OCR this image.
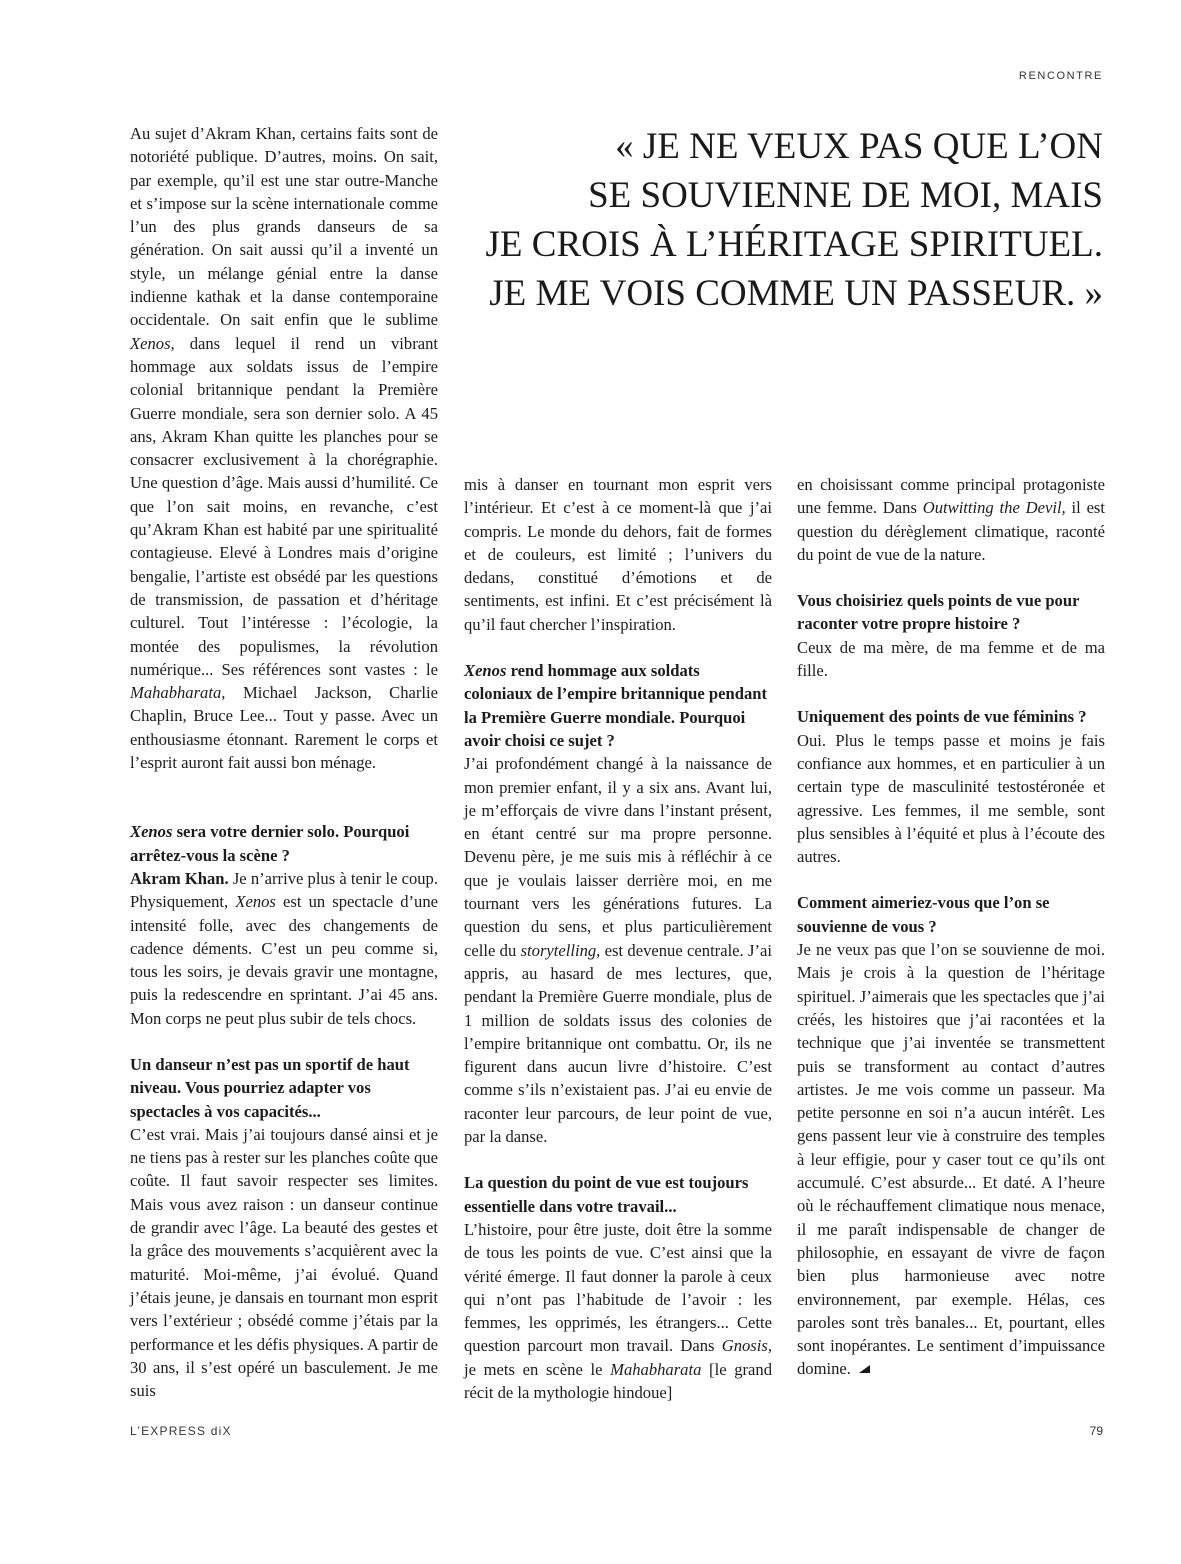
RENCONTRE
« JE NE VEUX PAS QUE L’ON
SE SOUVIENNE DE MOI, MAIS
JE CROIS À L’HÉRITAGE SPIRITUEL.
JE ME VOIS COMME UN PASSEUR. »

Au sujet d’Akram Khan, certains faits sont de notoriété publique. D’autres, moins. On sait, par exemple, qu’il est une star outre-Manche et s’impose sur la scène internationale comme l’un des plus grands danseurs de sa génération. On sait aussi qu’il a inventé un style, un mélange génial entre la danse indienne kathak et la danse contemporaine occidentale. On sait enfin que le sublime Xenos, dans lequel il rend un vibrant hommage aux soldats issus de l’empire colonial britannique pendant la Première Guerre mondiale, sera son dernier solo. A 45 ans, Akram Khan quitte les planches pour se consacrer exclusivement à la chorégraphie. Une question d’âge. Mais aussi d’humilité. Ce que l’on sait moins, en revanche, c’est qu’Akram Khan est habité par une spiritualité contagieuse. Elevé à Londres mais d’origine bengalie, l’artiste est obsédé par les questions de transmission, de passation et d’héritage culturel. Tout l’intéresse : l’écologie, la montée des populismes, la révolution numérique... Ses références sont vastes : le Mahabharata, Michael Jackson, Charlie Chaplin, Bruce Lee... Tout y passe. Avec un enthousiasme étonnant. Rarement le corps et l’esprit auront fait aussi bon ménage.

Xenos sera votre dernier solo. Pourquoi arrêtez-vous la scène ?

Akram Khan. Je n’arrive plus à tenir le coup. Physiquement, Xenos est un spectacle d’une intensité folle, avec des changements de cadence déments. C’est un peu comme si, tous les soirs, je devais gravir une montagne, puis la redescendre en sprintant. J’ai 45 ans. Mon corps ne peut plus subir de tels chocs.

Un danseur n’est pas un sportif de haut niveau. Vous pourriez adapter vos spectacles à vos capacités...

C’est vrai. Mais j’ai toujours dansé ainsi et je ne tiens pas à rester sur les planches coûte que coûte. Il faut savoir respecter ses limites. Mais vous avez raison : un danseur continue de grandir avec l’âge. La beauté des gestes et la grâce des mouvements s’acquièrent avec la maturité. Moi-même, j’ai évolué. Quand j’étais jeune, je dansais en tournant mon esprit vers l’extérieur ; obsédé comme j’étais par la performance et les défis physiques. A partir de 30 ans, il s’est opéré un basculement. Je me suis

mis à danser en tournant mon esprit vers l’intérieur. Et c’est à ce moment-là que j’ai compris. Le monde du dehors, fait de formes et de couleurs, est limité ; l’univers du dedans, constitué d’émotions et de sentiments, est infini. Et c’est précisément là qu’il faut chercher l’inspiration.

Xenos rend hommage aux soldats coloniaux de l’empire britannique pendant la Première Guerre mondiale. Pourquoi avoir choisi ce sujet ?

J’ai profondément changé à la naissance de mon premier enfant, il y a six ans. Avant lui, je m’efforçais de vivre dans l’instant présent, en étant centré sur ma propre personne. Devenu père, je me suis mis à réfléchir à ce que je voulais laisser derrière moi, en me tournant vers les générations futures. La question du sens, et plus particulièrement celle du storytelling, est devenue centrale. J’ai appris, au hasard de mes lectures, que, pendant la Première Guerre mondiale, plus de 1 million de soldats issus des colonies de l’empire britannique ont combattu. Or, ils ne figurent dans aucun livre d’histoire. C’est comme s’ils n’existaient pas. J’ai eu envie de raconter leur parcours, de leur point de vue, par la danse.

La question du point de vue est toujours essentielle dans votre travail...

L’histoire, pour être juste, doit être la somme de tous les points de vue. C’est ainsi que la vérité émerge. Il faut donner la parole à ceux qui n’ont pas l’habitude de l’avoir : les femmes, les opprimés, les étrangers... Cette question parcourt mon travail. Dans Gnosis, je mets en scène le Mahabharata [le grand récit de la mythologie hindoue]

en choisissant comme principal protagoniste une femme. Dans Outwitting the Devil, il est question du dérèglement climatique, raconté du point de vue de la nature.

Vous choisiriez quels points de vue pour raconter votre propre histoire ?

Ceux de ma mère, de ma femme et de ma fille.

Uniquement des points de vue féminins ?

Oui. Plus le temps passe et moins je fais confiance aux hommes, et en particulier à un certain type de masculinité testostéronée et agressive. Les femmes, il me semble, sont plus sensibles à l’équité et plus à l’écoute des autres.

Comment aimeriez-vous que l’on se souvienne de vous ?

Je ne veux pas que l’on se souvienne de moi. Mais je crois à la question de l’héritage spirituel. J’aimerais que les spectacles que j’ai créés, les histoires que j’ai racontées et la technique que j’ai inventée se transmettent puis se transforment au contact d’autres artistes. Je me vois comme un passeur. Ma petite personne en soi n’a aucun intérêt. Les gens passent leur vie à construire des temples à leur effigie, pour y caser tout ce qu’ils ont accumulé. C’est absurde... Et daté. A l’heure où le réchauffement climatique nous menace, il me paraît indispensable de changer de philosophie, en essayant de vivre de façon bien plus harmonieuse avec notre environnement, par exemple. Hélas, ces paroles sont très banales... Et, pourtant, elles sont inopérantes. Le sentiment d’impuissance domine.

L’EXPRESS diX	79
